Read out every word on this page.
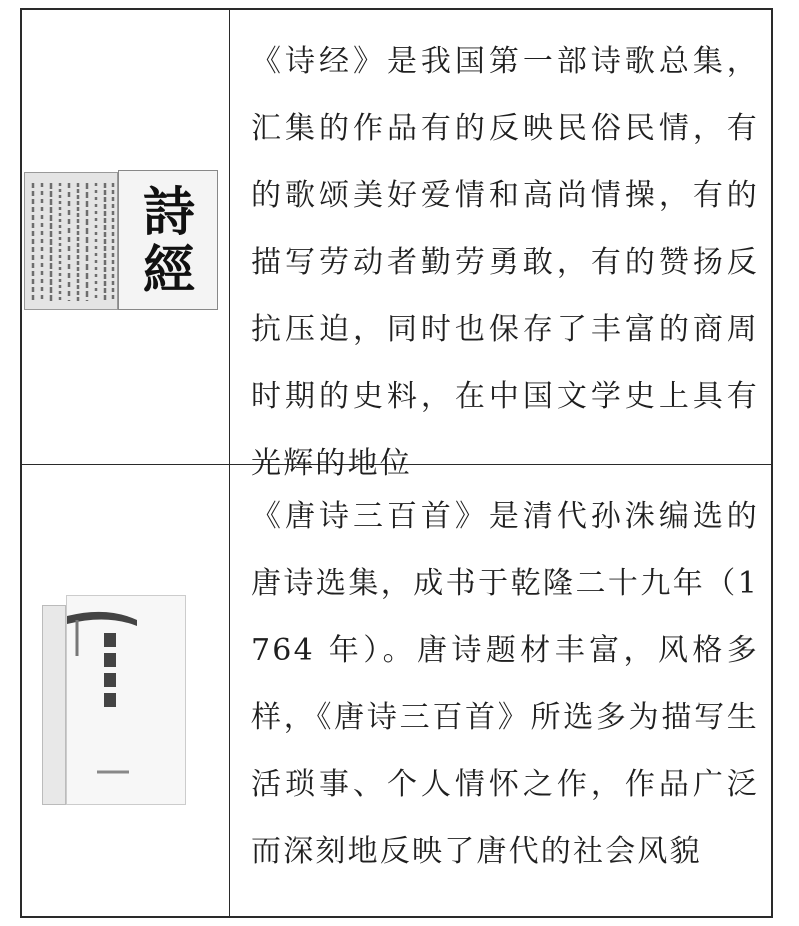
詩
經

《诗经》是我国第一部诗歌总集，汇集的作品有的反映民俗民情，有的歌颂美好爱情和高尚情操，有的描写劳动者勤劳勇敢，有的赞扬反抗压迫，同时也保存了丰富的商周时期的史料，在中国文学史上具有光辉的地位

《唐诗三百首》是清代孙洙编选的唐诗选集，成书于乾隆二十九年（1764 年）。唐诗题材丰富，风格多样，《唐诗三百首》所选多为描写生活琐事、个人情怀之作，作品广泛而深刻地反映了唐代的社会风貌
